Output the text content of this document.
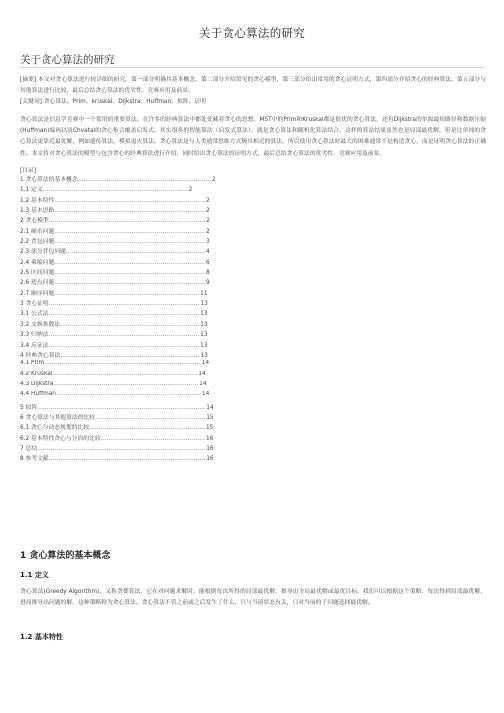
关于贪心算法的研究
关于贪心算法的研究

[摘要] 本文对贪心算法进行较详细的研究。第一部分明确其基本概念，第二部分介绍常见的贪心模型，第三部分给出常用的贪心证明方式，第四部分介绍贪心的经典算法，第五部分与其他算法进行比较，最后总结贪心算法的优劣性，竞赛应用及前景。

[关键词] 贪心算法、Prim、kruskal、Dijkstra、Huffman、拟阵、证明

贪心算法是信息学竞赛中一个常用的重要算法。在许多的经典算法中都处处藏着贪心的思想。MST中的Prim和Kruskal都是很优的贪心算法，还有Dijkstra的单源最短路径和数据压缩(Huffman)编码以及Chvatal的贪心集合覆盖启发式。其实很多的智能算法（启发式算法），就是贪心算法和随机化算法结合。这样的算法结果虽然也是局部最优解，但是比单纯的贪心算法更靠近最优解，例如遗传算法，模拟退火算法。贪心算法是与人类通常思维方式极其相近的算法，所以使用贪心算法时最大的困难通常不是构造贪心，而是证明贪心算法的正确性。本文将对贪心算法的模型与包含贪心的经典算法进行介绍，同时给出贪心算法的证明方式，最后总结贪心算法的优劣性，竞赛应用及前景。

[目录]
1 贪心算法的基本概念 …………………………………………………………… 2
1.1 定义 ………………………………………………………………… 2
1.2 基本特性 …………………………………………………………………… 2
1.3 基本思路 …………………………………………………………………… 2
2 贪心模型 ……………………………………………………………………… 2
2.1 硬币问题 …………………………………………………………………… 2
2.2 背包问题 …………………………………………………………………… 3
2.3 部分背包问题 ……………………………………………………………… 4
2.4 乘船问题 …………………………………………………………………… 6
2.5 区间问题 …………………………………………………………………… 8
2.6 选点问题 …………………………………………………………………… 9
2.7 顺序问题 ………………………………………………………………… 11
3 贪心证明 …………………………………………………………………… 13
3.1 公式法 …………………………………………………………………… 13
3.2 交换参数法 ……………………………………………………………… 13
3.3 归纳法 …………………………………………………………………… 13
3.4 反证法 …………………………………………………………………… 13
4 经典贪心算法 ……………………………………………………………… 13
4.1 Prim ……………………………………………………………………… 14
4.2 Kruskal ………………………………………………………………… 14
4.3 Dijkstra ………………………………………………………………… 14
4.4 Huffman ………………………………………………………………… 14
5 拟阵 …………………………………………………………………………… 14
6 贪心算法与其他算法的比较 ………………………………………………… 15
6.1 贪心与动态规划的比较 …………………………………………………… 15
6.2 基本特性贪心与分治的比较 ……………………………………………… 16
7 总结 …………………………………………………………………………… 16
8 参考文献 ……………………………………………………………………… 16
1 贪心算法的基本概念
1.1 定义

贪心算法(Greedy Algorithm)，又称贪婪算法，它在对问题求解时，能根据每次所得的局部最优解，推导出全局最优解或最优目标。我们可以根据这个策略，每次得到局部最优解，进而推导出问题的解，这种策略称为贪心算法。贪心算法不管之前或之后发生了什么，只与当前状态有关，只对当前的子问题选择最优解。

1.2 基本特性
